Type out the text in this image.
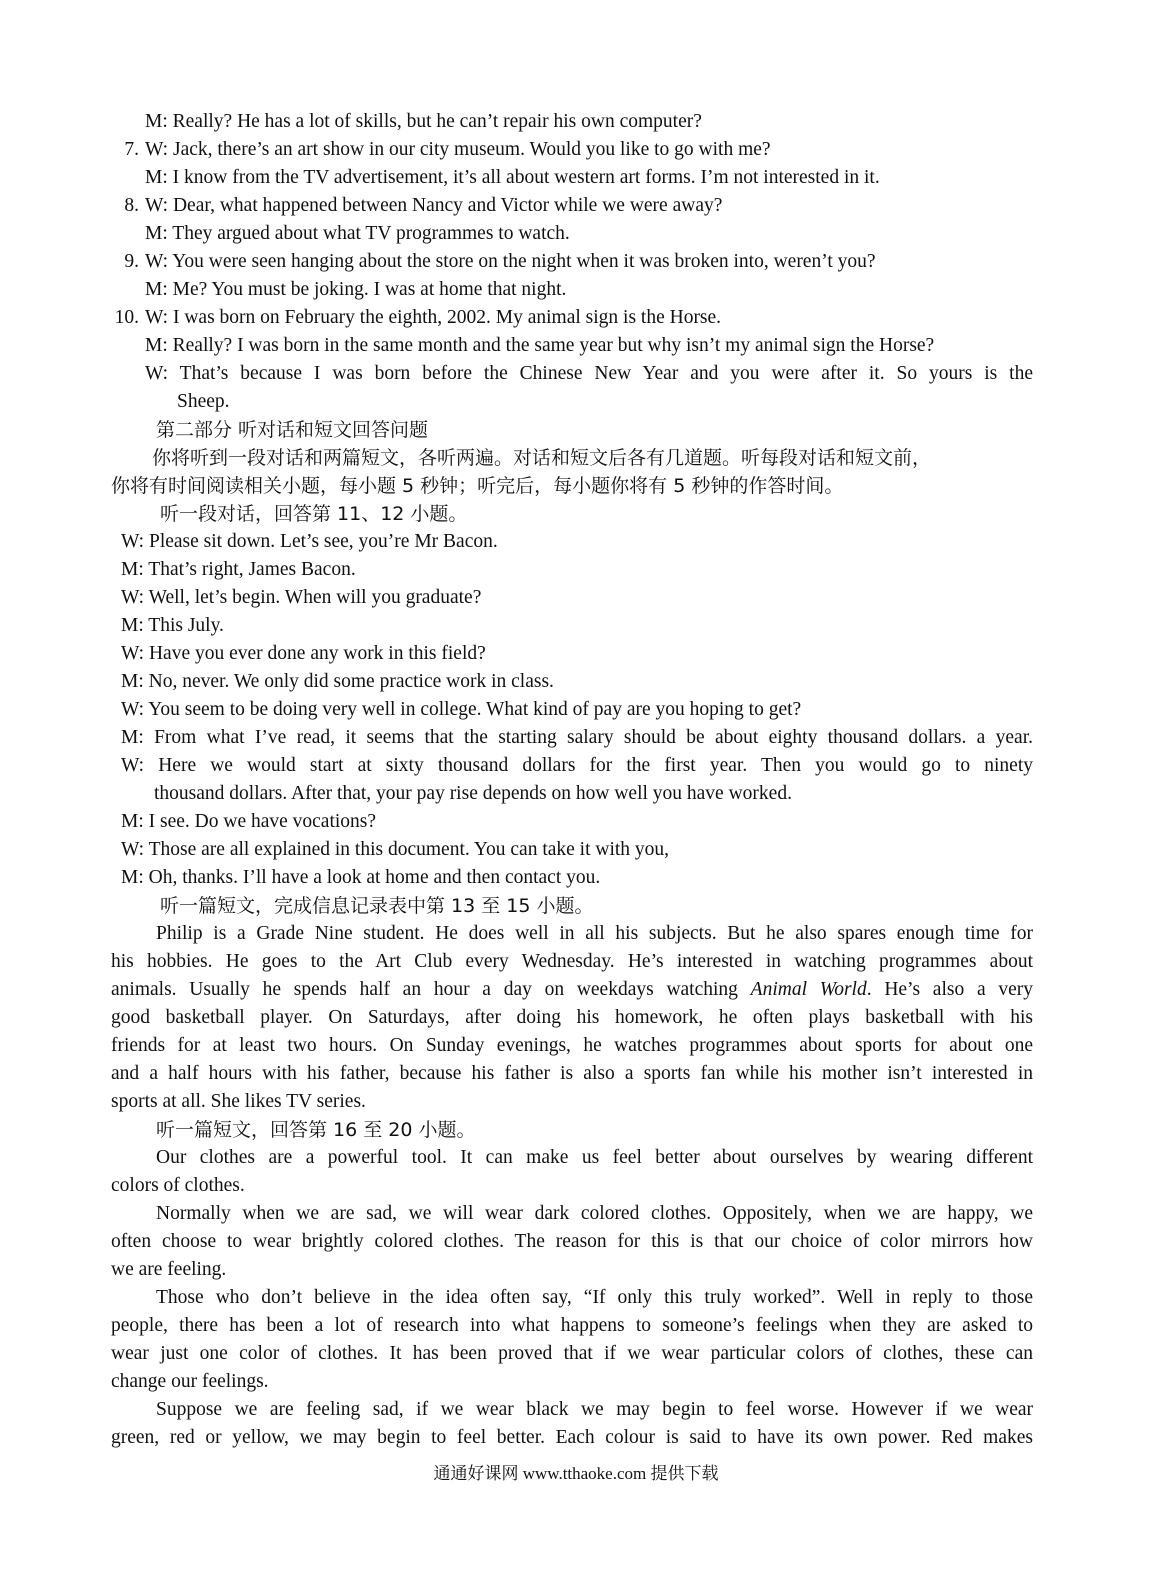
M: Really? He has a lot of skills, but he can’t repair his own computer?
7. W: Jack, there’s an art show in our city museum. Would you like to go with me?
M: I know from the TV advertisement, it’s all about western art forms. I’m not interested in it.
8. W: Dear, what happened between Nancy and Victor while we were away?
M: They argued about what TV programmes to watch.
9. W: You were seen hanging about the store on the night when it was broken into, weren’t you?
M: Me? You must be joking. I was at home that night.
10. W: I was born on February the eighth, 2002. My animal sign is the Horse.
M: Really? I was born in the same month and the same year but why isn’t my animal sign the Horse?
W: That’s because I was born before the Chinese New Year and you were after it. So yours is the
Sheep.
第二部分 听对话和短文回答问题
你将听到一段对话和两篇短文，各听两遍。对话和短文后各有几道题。听每段对话和短文前，
你将有时间阅读相关小题，每小题 5 秒钟；听完后，每小题你将有 5 秒钟的作答时间。
听一段对话，回答第 11、12 小题。
W: Please sit down. Let’s see, you’re Mr Bacon.
M: That’s right, James Bacon.
W: Well, let’s begin. When will you graduate?
M: This July.
W: Have you ever done any work in this field?
M: No, never. We only did some practice work in class.
W: You seem to be doing very well in college. What kind of pay are you hoping to get?
M: From what I’ve read, it seems that the starting salary should be about eighty thousand dollars. a year.
W: Here we would start at sixty thousand dollars for the first year. Then you would go to ninety
thousand dollars. After that, your pay rise depends on how well you have worked.
M: I see. Do we have vocations?
W: Those are all explained in this document. You can take it with you,
M: Oh, thanks. I’ll have a look at home and then contact you.
听一篇短文，完成信息记录表中第 13 至 15 小题。
Philip is a Grade Nine student. He does well in all his subjects. But he also spares enough time for
his hobbies. He goes to the Art Club every Wednesday. He’s interested in watching programmes about
animals. Usually he spends half an hour a day on weekdays watching Animal World. He’s also a very
good basketball player. On Saturdays, after doing his homework, he often plays basketball with his
friends for at least two hours. On Sunday evenings, he watches programmes about sports for about one
and a half hours with his father, because his father is also a sports fan while his mother isn’t interested in
sports at all. She likes TV series.
听一篇短文，回答第 16 至 20 小题。
Our clothes are a powerful tool. It can make us feel better about ourselves by wearing different
colors of clothes.
Normally when we are sad, we will wear dark colored clothes. Oppositely, when we are happy, we
often choose to wear brightly colored clothes. The reason for this is that our choice of color mirrors how
we are feeling.
Those who don’t believe in the idea often say, “If only this truly worked”. Well in reply to those
people, there has been a lot of research into what happens to someone’s feelings when they are asked to
wear just one color of clothes. It has been proved that if we wear particular colors of clothes, these can
change our feelings.
Suppose we are feeling sad, if we wear black we may begin to feel worse. However if we wear
green, red or yellow, we may begin to feel better. Each colour is said to have its own power. Red makes
通通好课网 www.tthaoke.com 提供下载
